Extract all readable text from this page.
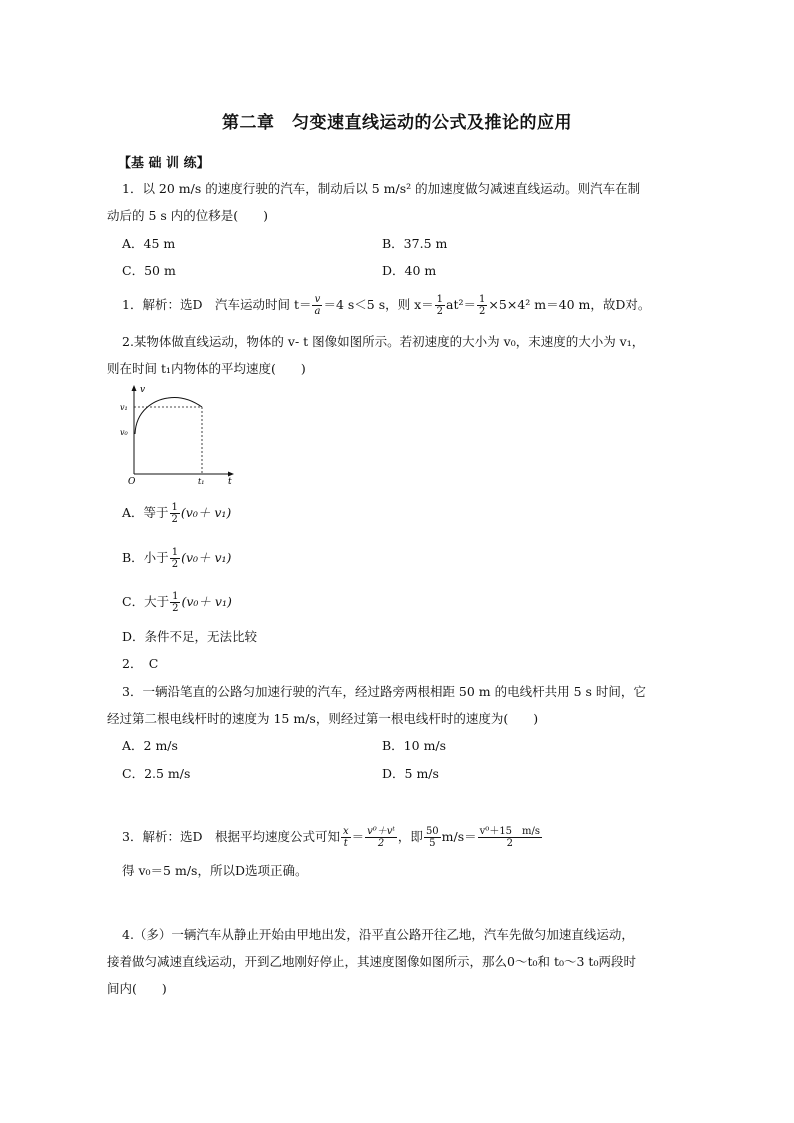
第二章　匀变速直线运动的公式及推论的应用
【基 础 训 练】
1．以 20 m/s 的速度行驶的汽车，制动后以 5 m/s² 的加速度做匀减速直线运动。则汽车在制
动后的 5 s 内的位移是(　　)
A．45 m	B．37.5 m
C．50 m	D．40 m
1．解析：选D　汽车运动时间 $t= \frac{v}{a} =4$ s＜5 s，则 $x= \frac{1}{2} at^2= \frac{1}{2} \times 5\times 4^2$ m＝40 m，故D对。
2.某物体做直线运动，物体的 v- t 图像如图所示。若初速度的大小为 v₀，末速度的大小为 v₁，
则在时间 t₁内物体的平均速度(　　)
v
v₁
v₀
O	t₁	t
A．等于 $\frac{1}{2} (v_0+ v_1)$
B．小于 $\frac{1}{2} (v_0+ v_1)$
C．大于 $\frac{1}{2} (v_0+ v_1)$
D．条件不足，无法比较
2．　C
3．一辆沿笔直的公路匀加速行驶的汽车，经过路旁两根相距 50 m 的电线杆共用 5 s 时间，它
经过第二根电线杆时的速度为 15 m/s，则经过第一根电线杆时的速度为(　　)
A．2 m/s	B．10 m/s
C．2.5 m/s	D．5 m/s
3．解析：选D　根据平均速度公式可知 $\frac{x}{t} = \frac{\text{v⁰＋vᵗ}}{2}$ ，即 $\frac{50}{5} m/s= \frac{\text{v⁰＋15　m/s}}{2}$
得 v₀＝5 m/s，所以D选项正确。
4.（多）一辆汽车从静止开始由甲地出发，沿平直公路开往乙地，汽车先做匀加速直线运动，
接着做匀减速直线运动，开到乙地刚好停止，其速度图像如图所示，那么0～t₀和 t₀～3 t₀两段时
间内(　　)
